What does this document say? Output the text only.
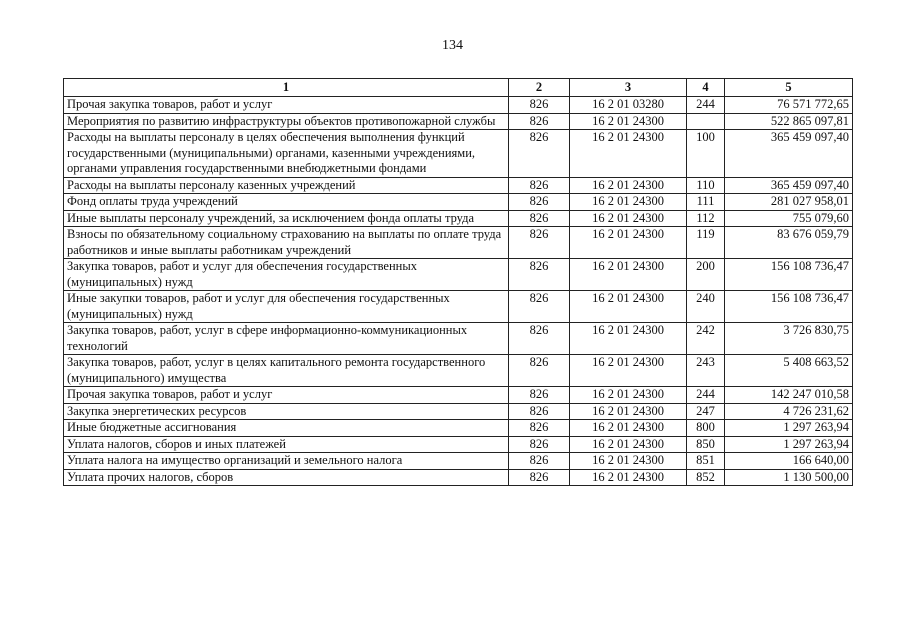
134
1	2	3	4	5
Прочая закупка товаров, работ и услуг	826	16 2 01 03280	244	76 571 772,65
Мероприятия по развитию инфраструктуры объектов противопожарной службы	826	16 2 01 24300		522 865 097,81
Расходы на выплаты персоналу в целях обеспечения выполнения функций государственными (муниципальными) органами, казенными учреждениями, органами управления государственными внебюджетными фондами	826	16 2 01 24300	100	365 459 097,40
Расходы на выплаты персоналу казенных учреждений	826	16 2 01 24300	110	365 459 097,40
Фонд оплаты труда учреждений	826	16 2 01 24300	111	281 027 958,01
Иные выплаты персоналу учреждений, за исключением фонда оплаты труда	826	16 2 01 24300	112	755 079,60
Взносы по обязательному социальному страхованию на выплаты по оплате труда работников и иные выплаты работникам учреждений	826	16 2 01 24300	119	83 676 059,79
Закупка товаров, работ и услуг для обеспечения государственных (муниципальных) нужд	826	16 2 01 24300	200	156 108 736,47
Иные закупки товаров, работ и услуг для обеспечения государственных (муниципальных) нужд	826	16 2 01 24300	240	156 108 736,47
Закупка товаров, работ, услуг в сфере информационно-коммуникационных технологий	826	16 2 01 24300	242	3 726 830,75
Закупка товаров, работ, услуг в целях капитального ремонта государственного (муниципального) имущества	826	16 2 01 24300	243	5 408 663,52
Прочая закупка товаров, работ и услуг	826	16 2 01 24300	244	142 247 010,58
Закупка энергетических ресурсов	826	16 2 01 24300	247	4 726 231,62
Иные бюджетные ассигнования	826	16 2 01 24300	800	1 297 263,94
Уплата налогов, сборов и иных платежей	826	16 2 01 24300	850	1 297 263,94
Уплата налога на имущество организаций и земельного налога	826	16 2 01 24300	851	166 640,00
Уплата прочих налогов, сборов	826	16 2 01 24300	852	1 130 500,00
